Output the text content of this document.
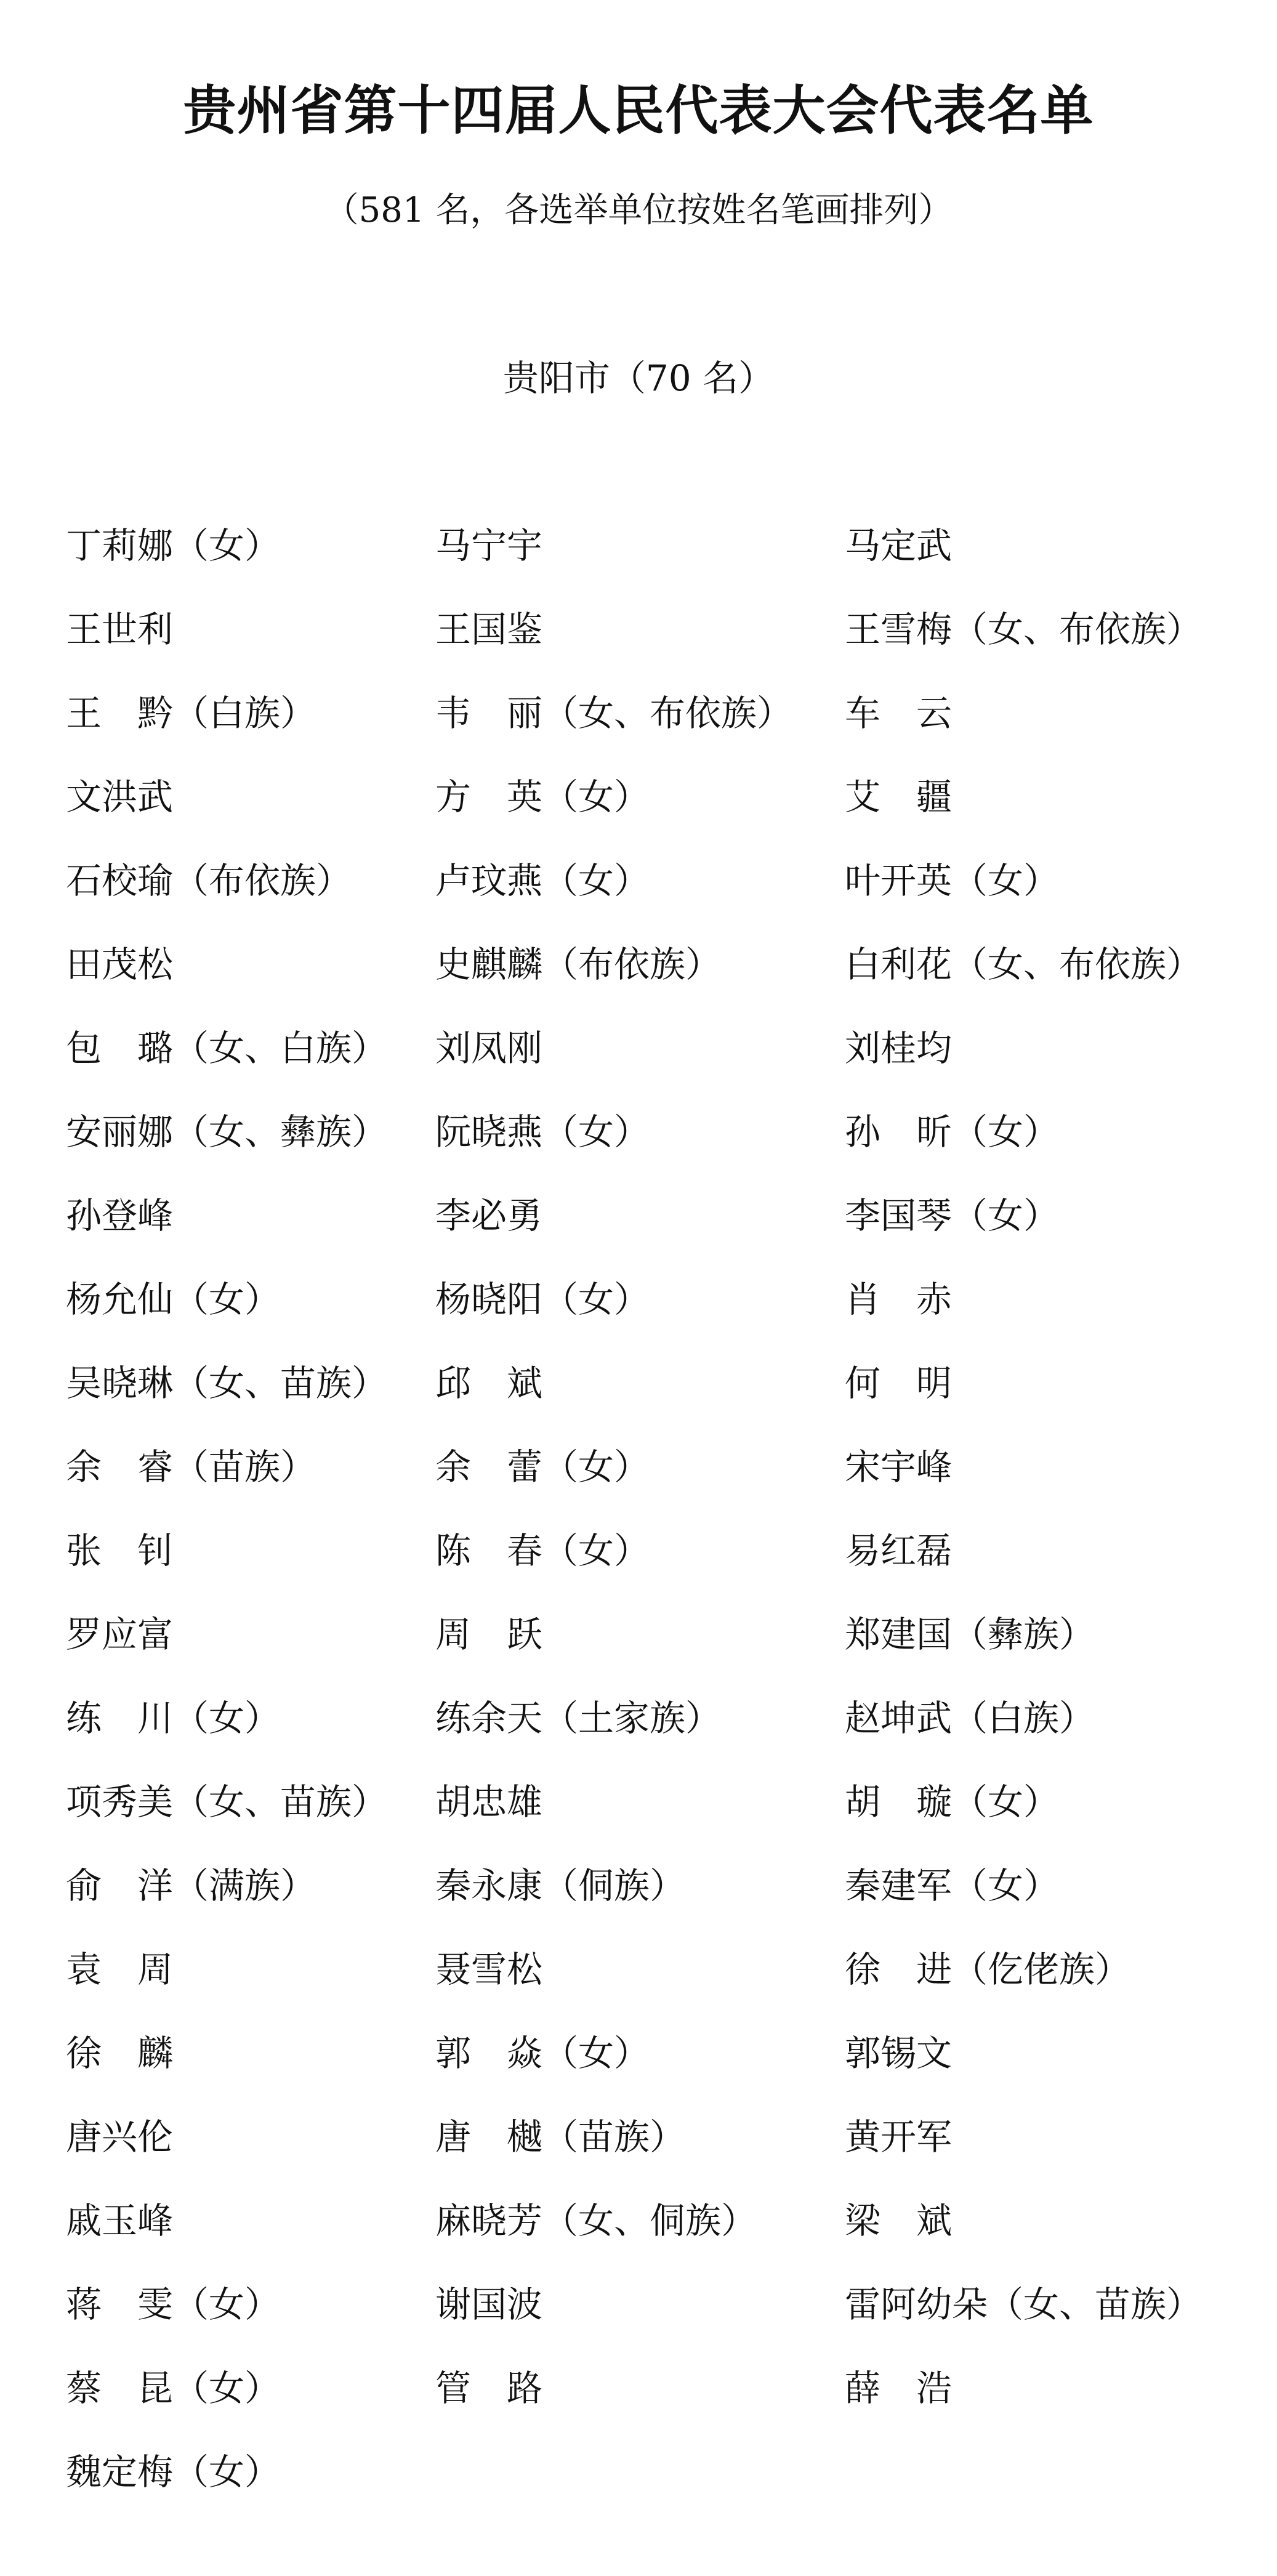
贵州省第十四届人民代表大会代表名单
（581 名，各选举单位按姓名笔画排列）
贵阳市（70 名）
丁莉娜（女）	马宁宇	马定武
王世利	王国鉴	王雪梅（女、布依族）
王　黔（白族）	韦　丽（女、布依族） 车　云
文洪武	方　英（女）	艾　疆
石校瑜（布依族） 卢玟燕（女）	叶开英（女）
田茂松	史麒麟（布依族）	白利花（女、布依族）
包　璐（女、白族） 刘凤刚	刘桂均
安丽娜（女、彝族） 阮晓燕（女）	孙　昕（女）
孙登峰	李必勇	李国琴（女）
杨允仙（女）	杨晓阳（女）	肖　赤
吴晓琳（女、苗族） 邱　斌	何　明
余　睿（苗族）	余　蕾（女）	宋宇峰
张　钊	陈　春（女）	易红磊
罗应富	周　跃	郑建国（彝族）
练　川（女）	练余天（土家族）	赵坤武（白族）
项秀美（女、苗族） 胡忠雄	胡　璇（女）
俞　洋（满族）	秦永康（侗族）	秦建军（女）
袁　周	聂雪松	徐　进（仡佬族）
徐　麟	郭　焱（女）	郭锡文
唐兴伦	唐　樾（苗族）	黄开军
戚玉峰	麻晓芳（女、侗族） 梁　斌
蒋　雯（女）	谢国波	雷阿幼朵（女、苗族）
蔡　昆（女）	管　路	薛　浩
魏定梅（女）
